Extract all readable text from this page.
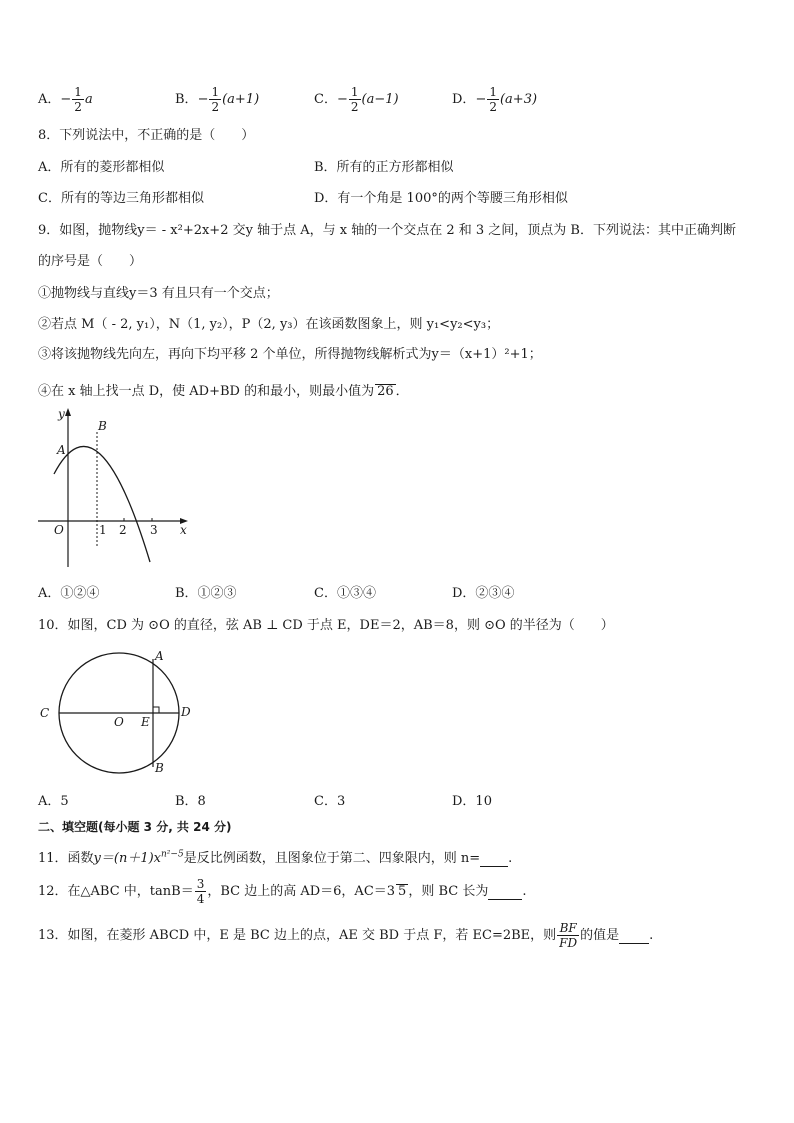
A．− $\frac{1}{2}$ a	B．− $\frac{1}{2} (a+1)$	C．− $\frac{1}{2} (a-1)$	D．− $\frac{1}{2} (a+3)$
8．下列说法中，不正确的是（　　）
A．所有的菱形都相似	B．所有的正方形都相似
C．所有的等边三角形都相似	D．有一个角是 100°的两个等腰三角形相似
9．如图，抛物线y＝ - x²+2x+2 交y 轴于点 A，与 x 轴的一个交点在 2 和 3 之间，顶点为 B．下列说法：其中正确判断
的序号是（　　）
①抛物线与直线y＝3 有且只有一个交点；
②若点 M（ - 2, y₁），N（1, y₂），P（2, y₃）在该函数图象上，则 y₁<y₂<y₃；
③将该抛物线先向左，再向下均平移 2 个单位，所得抛物线解析式为y＝（x+1）²+1；
④在 x 轴上找一点 D，使 AD+BD 的和最小，则最小值为 26 ．
y
x
O
A
B
1 2 3
A．①②④	B．①②③	C．①③④	D．②③④
10．如图，CD 为 ⊙O 的直径，弦 AB ⊥ CD 于点 E，DE＝2，AB＝8，则 ⊙O 的半径为（　　）
C	D
A
B
O E
A．5	B．8	C．3	D．10
二、填空题(每小题 3 分, 共 24 分)
11．函数$y=(n+1)x^{n^2-5}$是反比例函数，且图象位于第二、四象限内，则 n= .
12．在△ABC 中，$\tan B= \frac{3}{4}$ ，BC 边上的高 AD＝6，AC＝3 5 ，则 BC 长为	.
13．如图，在菱形 ABCD 中，E 是 BC 边上的点，AE 交 BD 于点 F，若 EC=2BE，则 $\frac{BF}{FD}$ 的值是 .
